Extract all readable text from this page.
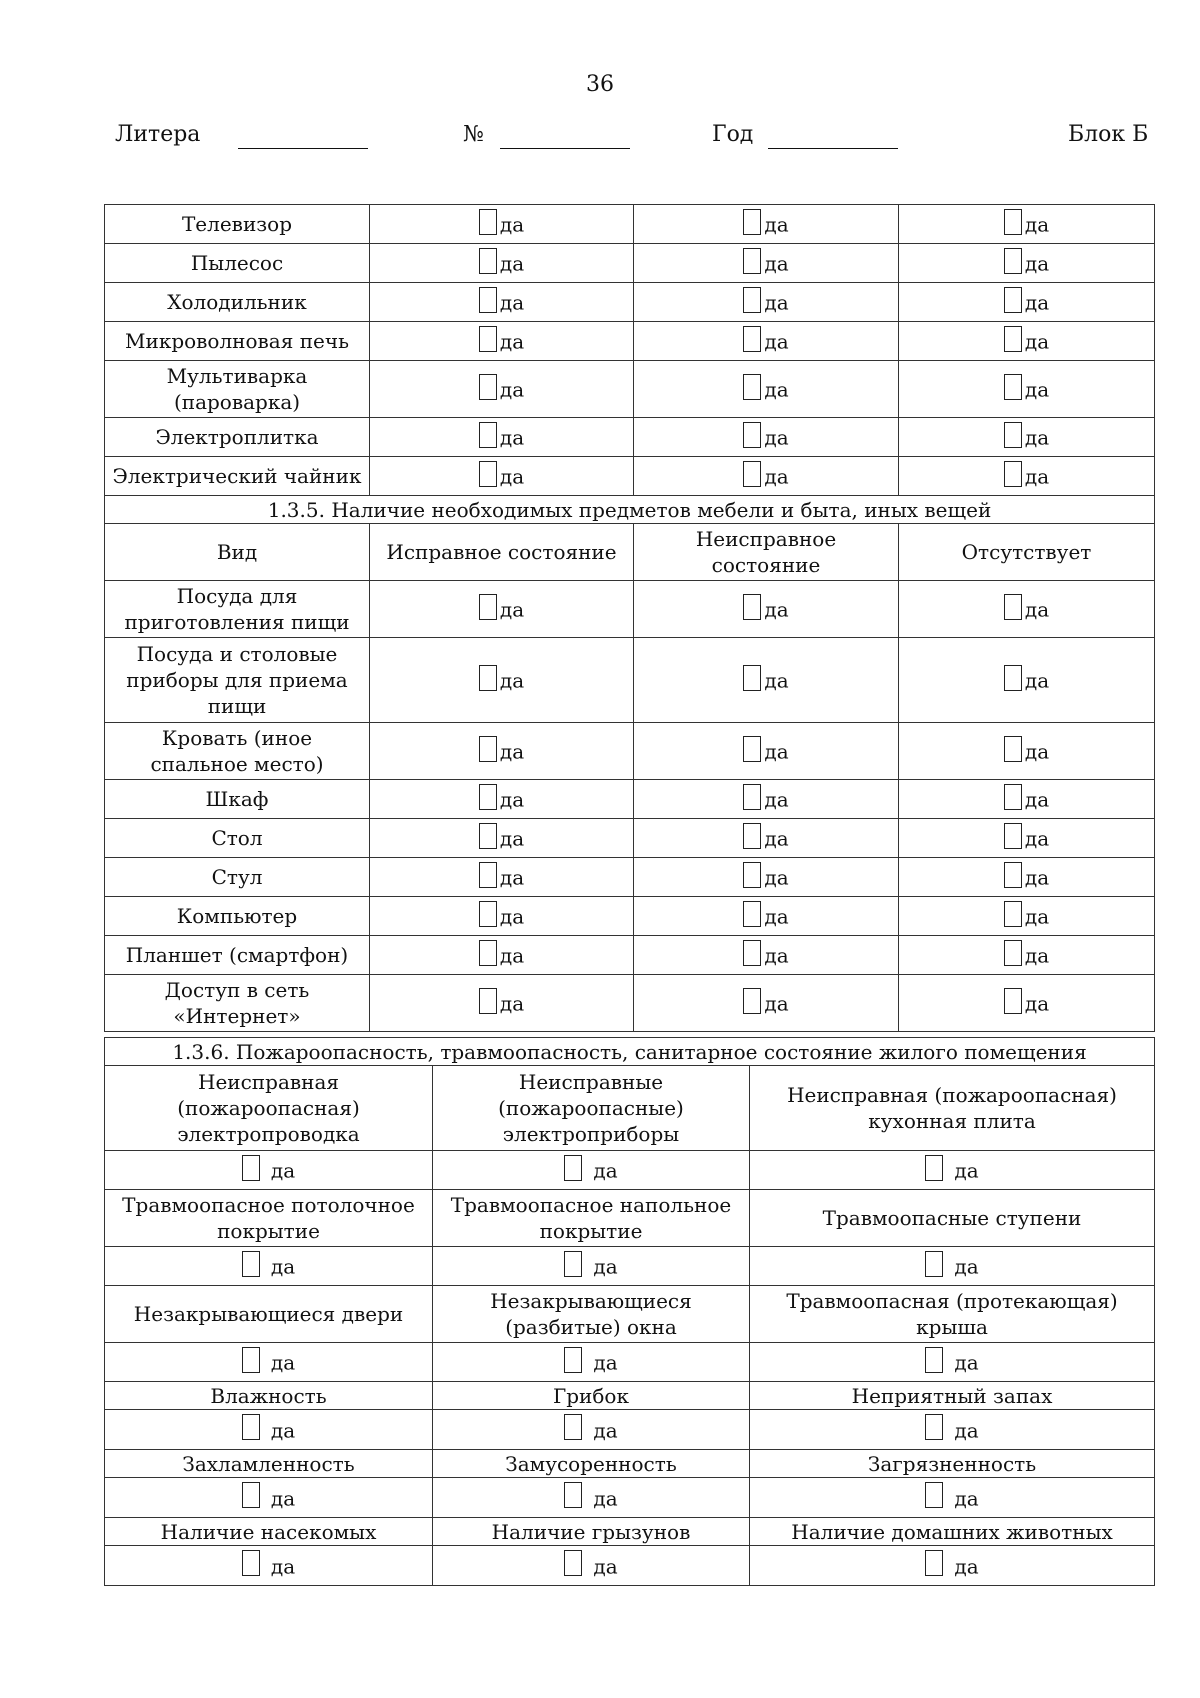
36
Литера	№	Год	Блок Б
Телевизор	да	да	да
Пылесос	да	да	да
Холодильник	да	да	да
Микроволновая печь	да	да	да
Мультиварка (пароварка)	да	да	да
Электроплитка	да	да	да
Электрический чайник	да	да	да
1.3.5. Наличие необходимых предметов мебели и быта, иных вещей			
Вид	Исправное состояние	Неисправное состояние	Отсутствует
Посуда для приготовления пищи	да	да	да
Посуда и столовые приборы для приема пищи	да	да	да
Кровать (иное спальное место)	да	да	да
Шкаф	да	да	да
Стол	да	да	да
Стул	да	да	да
Компьютер	да	да	да
Планшет (смартфон)	да	да	да
Доступ в сеть «Интернет»	да	да	да
1.3.6. Пожароопасность, травмоопасность, санитарное состояние жилого помещения		
Неисправная (пожароопасная) электропроводка	Неисправные (пожароопасные) электроприборы	Неисправная (пожароопасная) кухонная плита
да	да	да
Травмоопасное потолочное покрытие	Травмоопасное напольное покрытие	Травмоопасные ступени
да	да	да
Незакрывающиеся двери	Незакрывающиеся (разбитые) окна	Травмоопасная (протекающая) крыша
да	да	да
Влажность	Грибок	Неприятный запах
да	да	да
Захламленность	Замусоренность	Загрязненность
да	да	да
Наличие насекомых	Наличие грызунов	Наличие домашних животных
да	да	да
